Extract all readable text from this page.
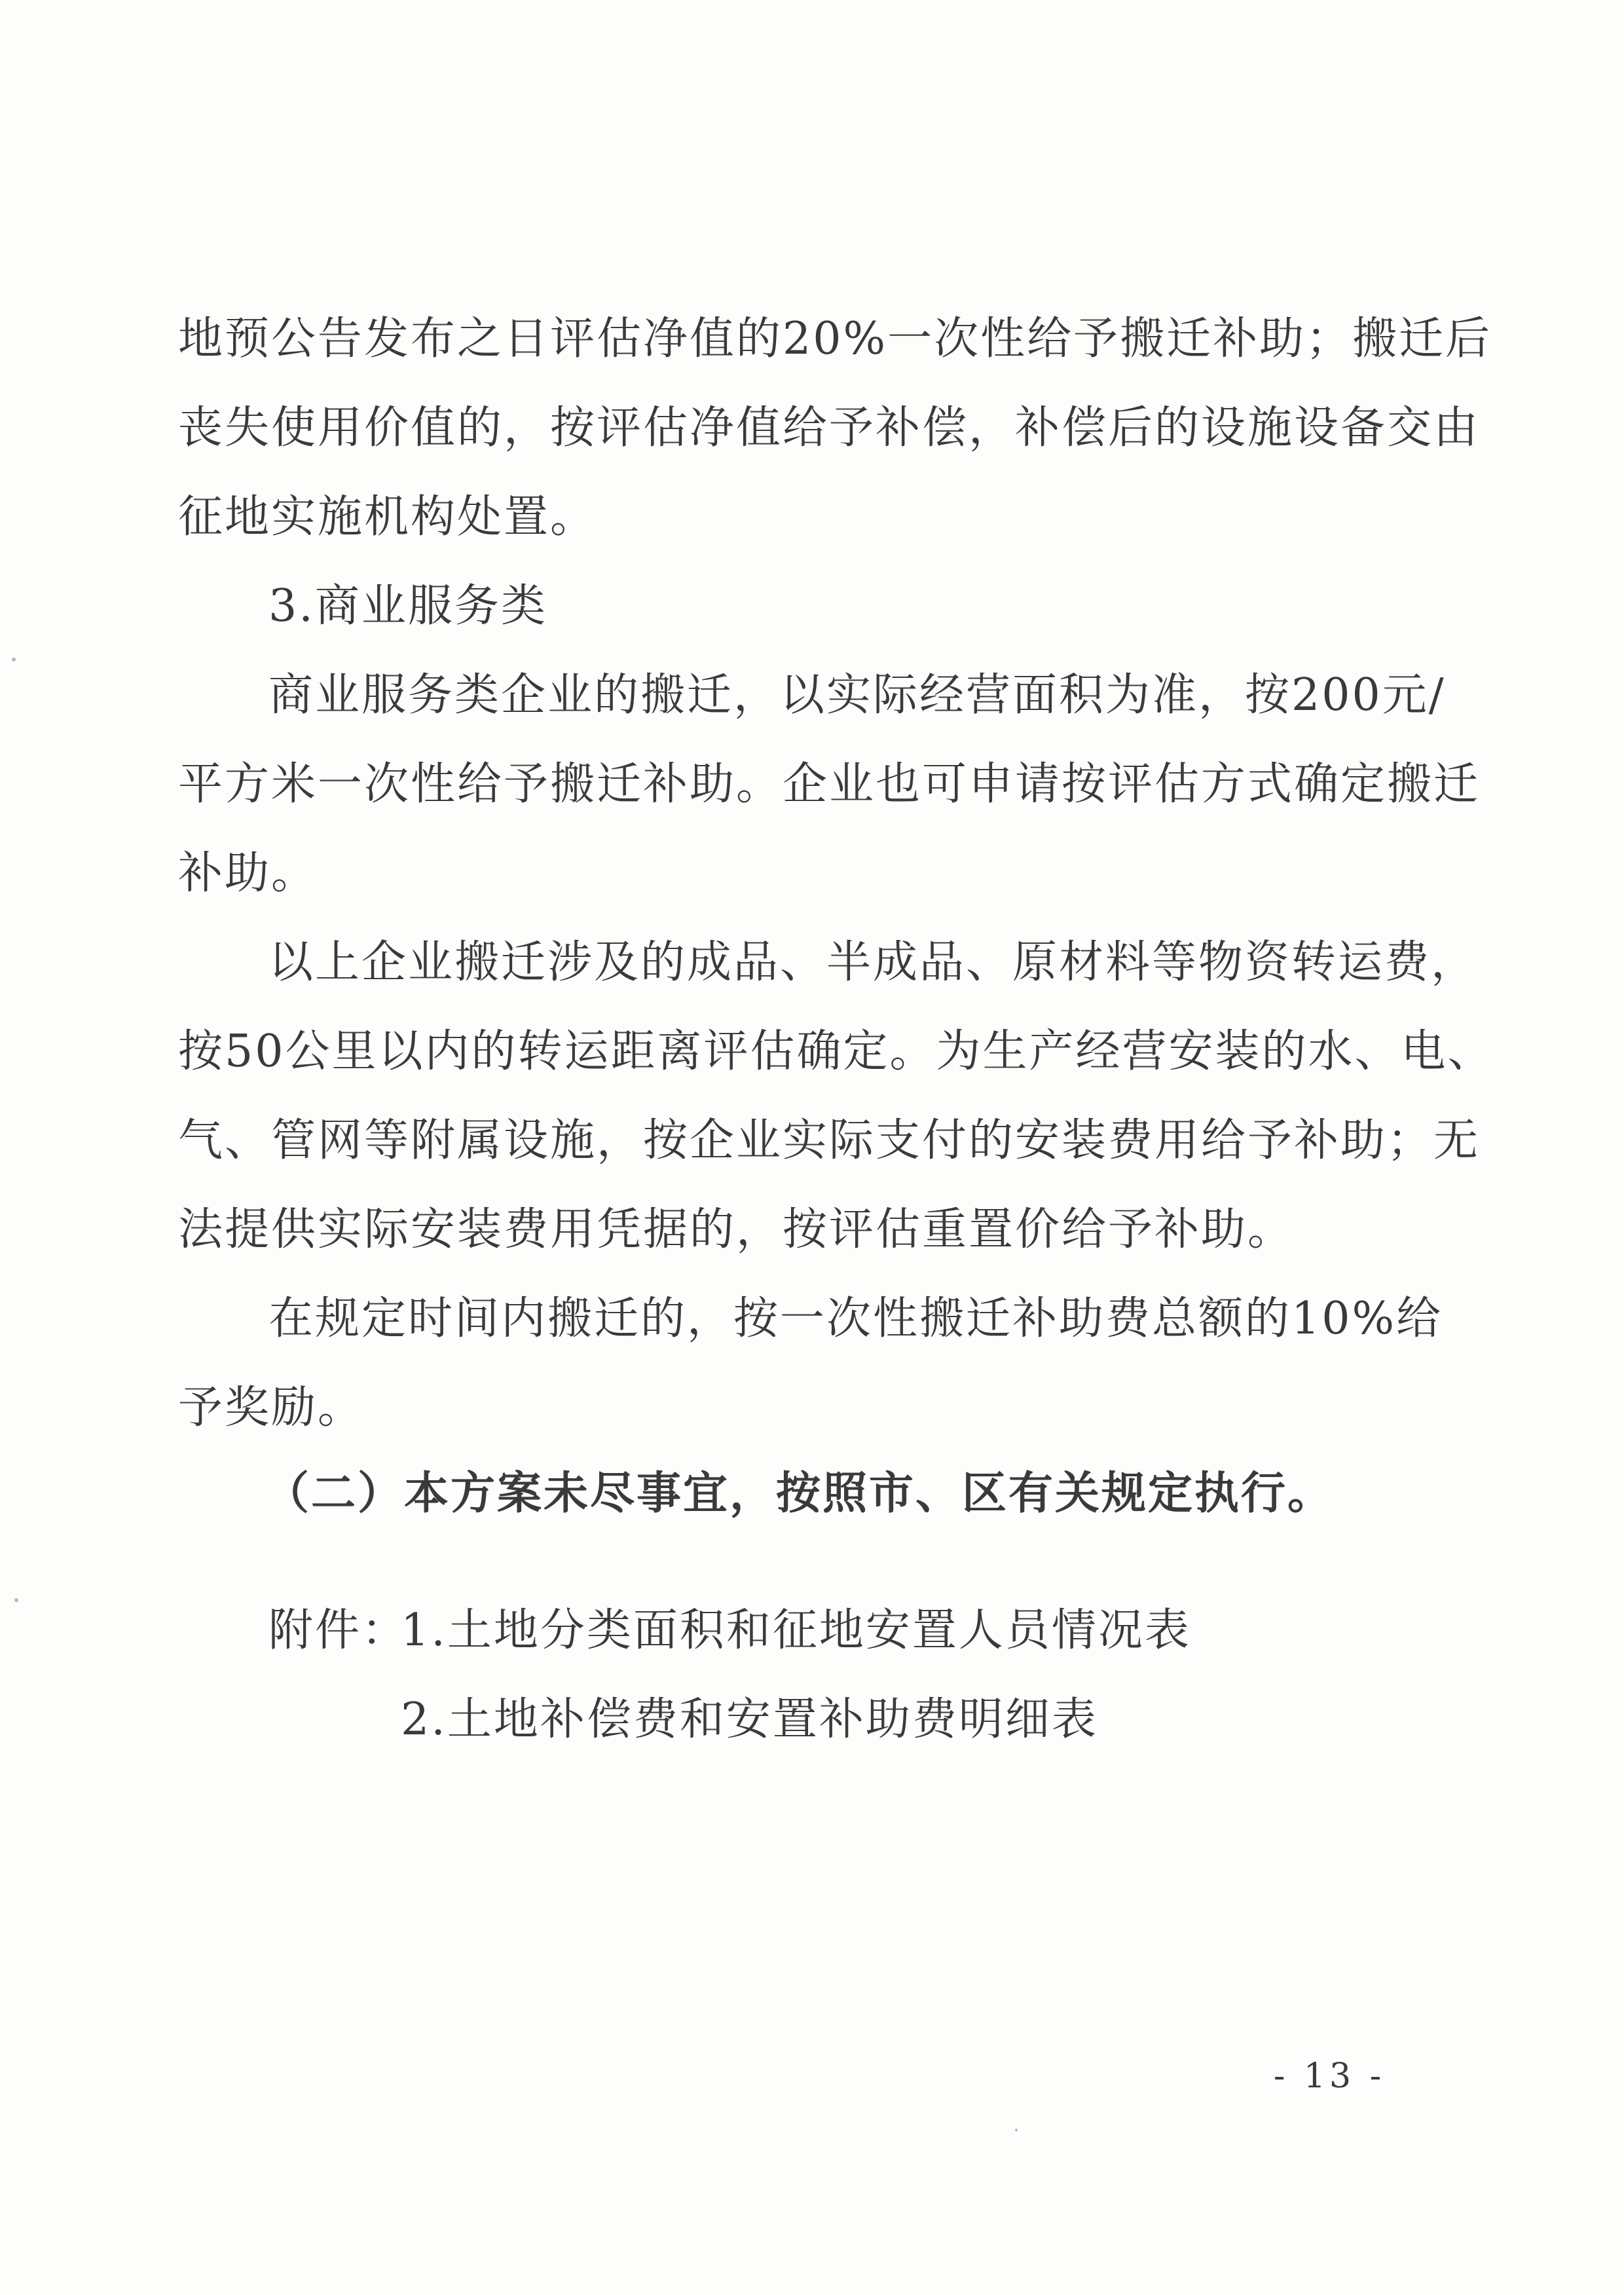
地预公告发布之日评估净值的20%一次性给予搬迁补助；搬迁后
丧失使用价值的，按评估净值给予补偿，补偿后的设施设备交由
征地实施机构处置。
3.商业服务类
商业服务类企业的搬迁，以实际经营面积为准，按200元/
平方米一次性给予搬迁补助。企业也可申请按评估方式确定搬迁
补助。
以上企业搬迁涉及的成品、半成品、原材料等物资转运费，
按50公里以内的转运距离评估确定。为生产经营安装的水、电、
气、管网等附属设施，按企业实际支付的安装费用给予补助；无
法提供实际安装费用凭据的，按评估重置价给予补助。
在规定时间内搬迁的，按一次性搬迁补助费总额的10%给
予奖励。
（二）本方案未尽事宜，按照市、区有关规定执行。
附件：
1.土地分类面积和征地安置人员情况表
2.土地补偿费和安置补助费明细表
- 13 -
